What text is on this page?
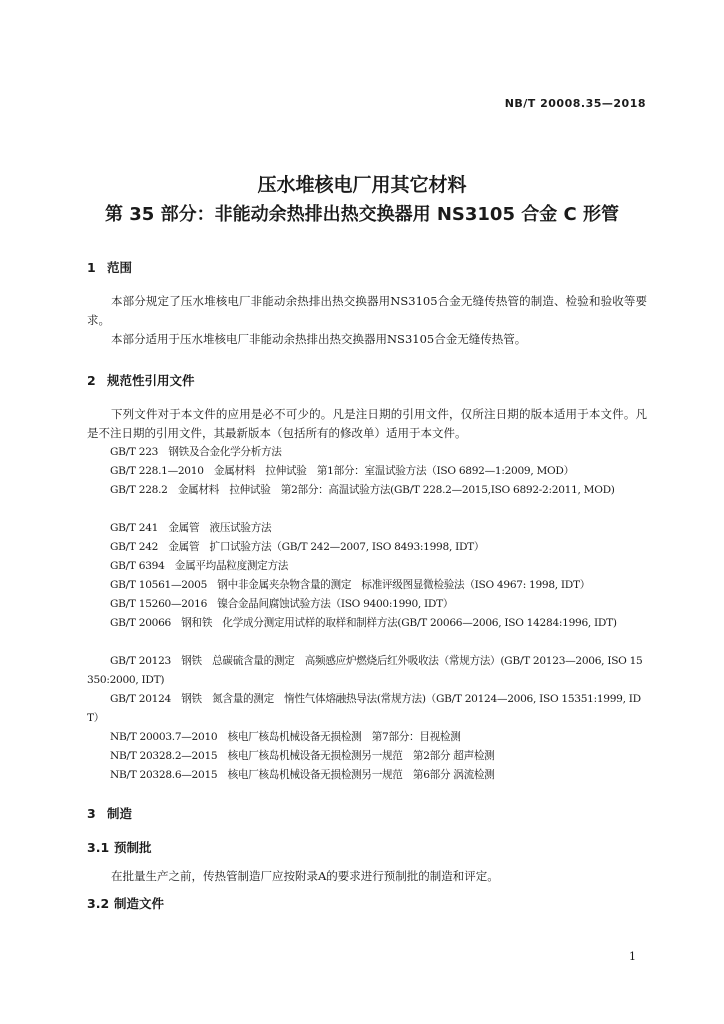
NB/T 20008.35—2018
压水堆核电厂用其它材料
第 35 部分：非能动余热排出热交换器用 NS3105 合金 C 形管
1 范围
本部分规定了压水堆核电厂非能动余热排出热交换器用NS3105合金无缝传热管的制造、检验和验收等要求。
本部分适用于压水堆核电厂非能动余热排出热交换器用NS3105合金无缝传热管。
2 规范性引用文件
下列文件对于本文件的应用是必不可少的。凡是注日期的引用文件，仅所注日期的版本适用于本文件。凡是不注日期的引用文件，其最新版本（包括所有的修改单）适用于本文件。
GB/T 223　钢铁及合金化学分析方法
GB/T 228.1—2010　金属材料　拉伸试验　第1部分：室温试验方法（ISO 6892—1:2009, MOD）
GB/T 228.2　金属材料　拉伸试验　第2部分：高温试验方法(GB/T 228.2—2015,ISO 6892-2:2011, MOD)
GB/T 241　金属管　液压试验方法
GB/T 242　金属管　扩口试验方法（GB/T 242—2007, ISO 8493:1998, IDT）
GB/T 6394　金属平均晶粒度测定方法
GB/T 10561—2005　钢中非金属夹杂物含量的测定　标准评级图显微检验法（ISO 4967: 1998, IDT）
GB/T 15260—2016　镍合金晶间腐蚀试验方法（ISO 9400:1990, IDT）
GB/T 20066　钢和铁　化学成分测定用试样的取样和制样方法(GB/T 20066—2006, ISO 14284:1996, IDT)
GB/T 20123　钢铁　总碳硫含量的测定　高频感应炉燃烧后红外吸收法（常规方法）(GB/T 20123—2006, ISO 15350:2000, IDT)
GB/T 20124　钢铁　氮含量的测定　惰性气体熔融热导法(常规方法)（GB/T 20124—2006, ISO 15351:1999, IDT）
NB/T 20003.7—2010　核电厂核岛机械设备无损检测　第7部分：目视检测
NB/T 20328.2—2015　核电厂核岛机械设备无损检测另一规范　第2部分 超声检测
NB/T 20328.6—2015　核电厂核岛机械设备无损检测另一规范　第6部分 涡流检测
3 制造
3.1 预制批
在批量生产之前，传热管制造厂应按附录A的要求进行预制批的制造和评定。
3.2 制造文件
1
